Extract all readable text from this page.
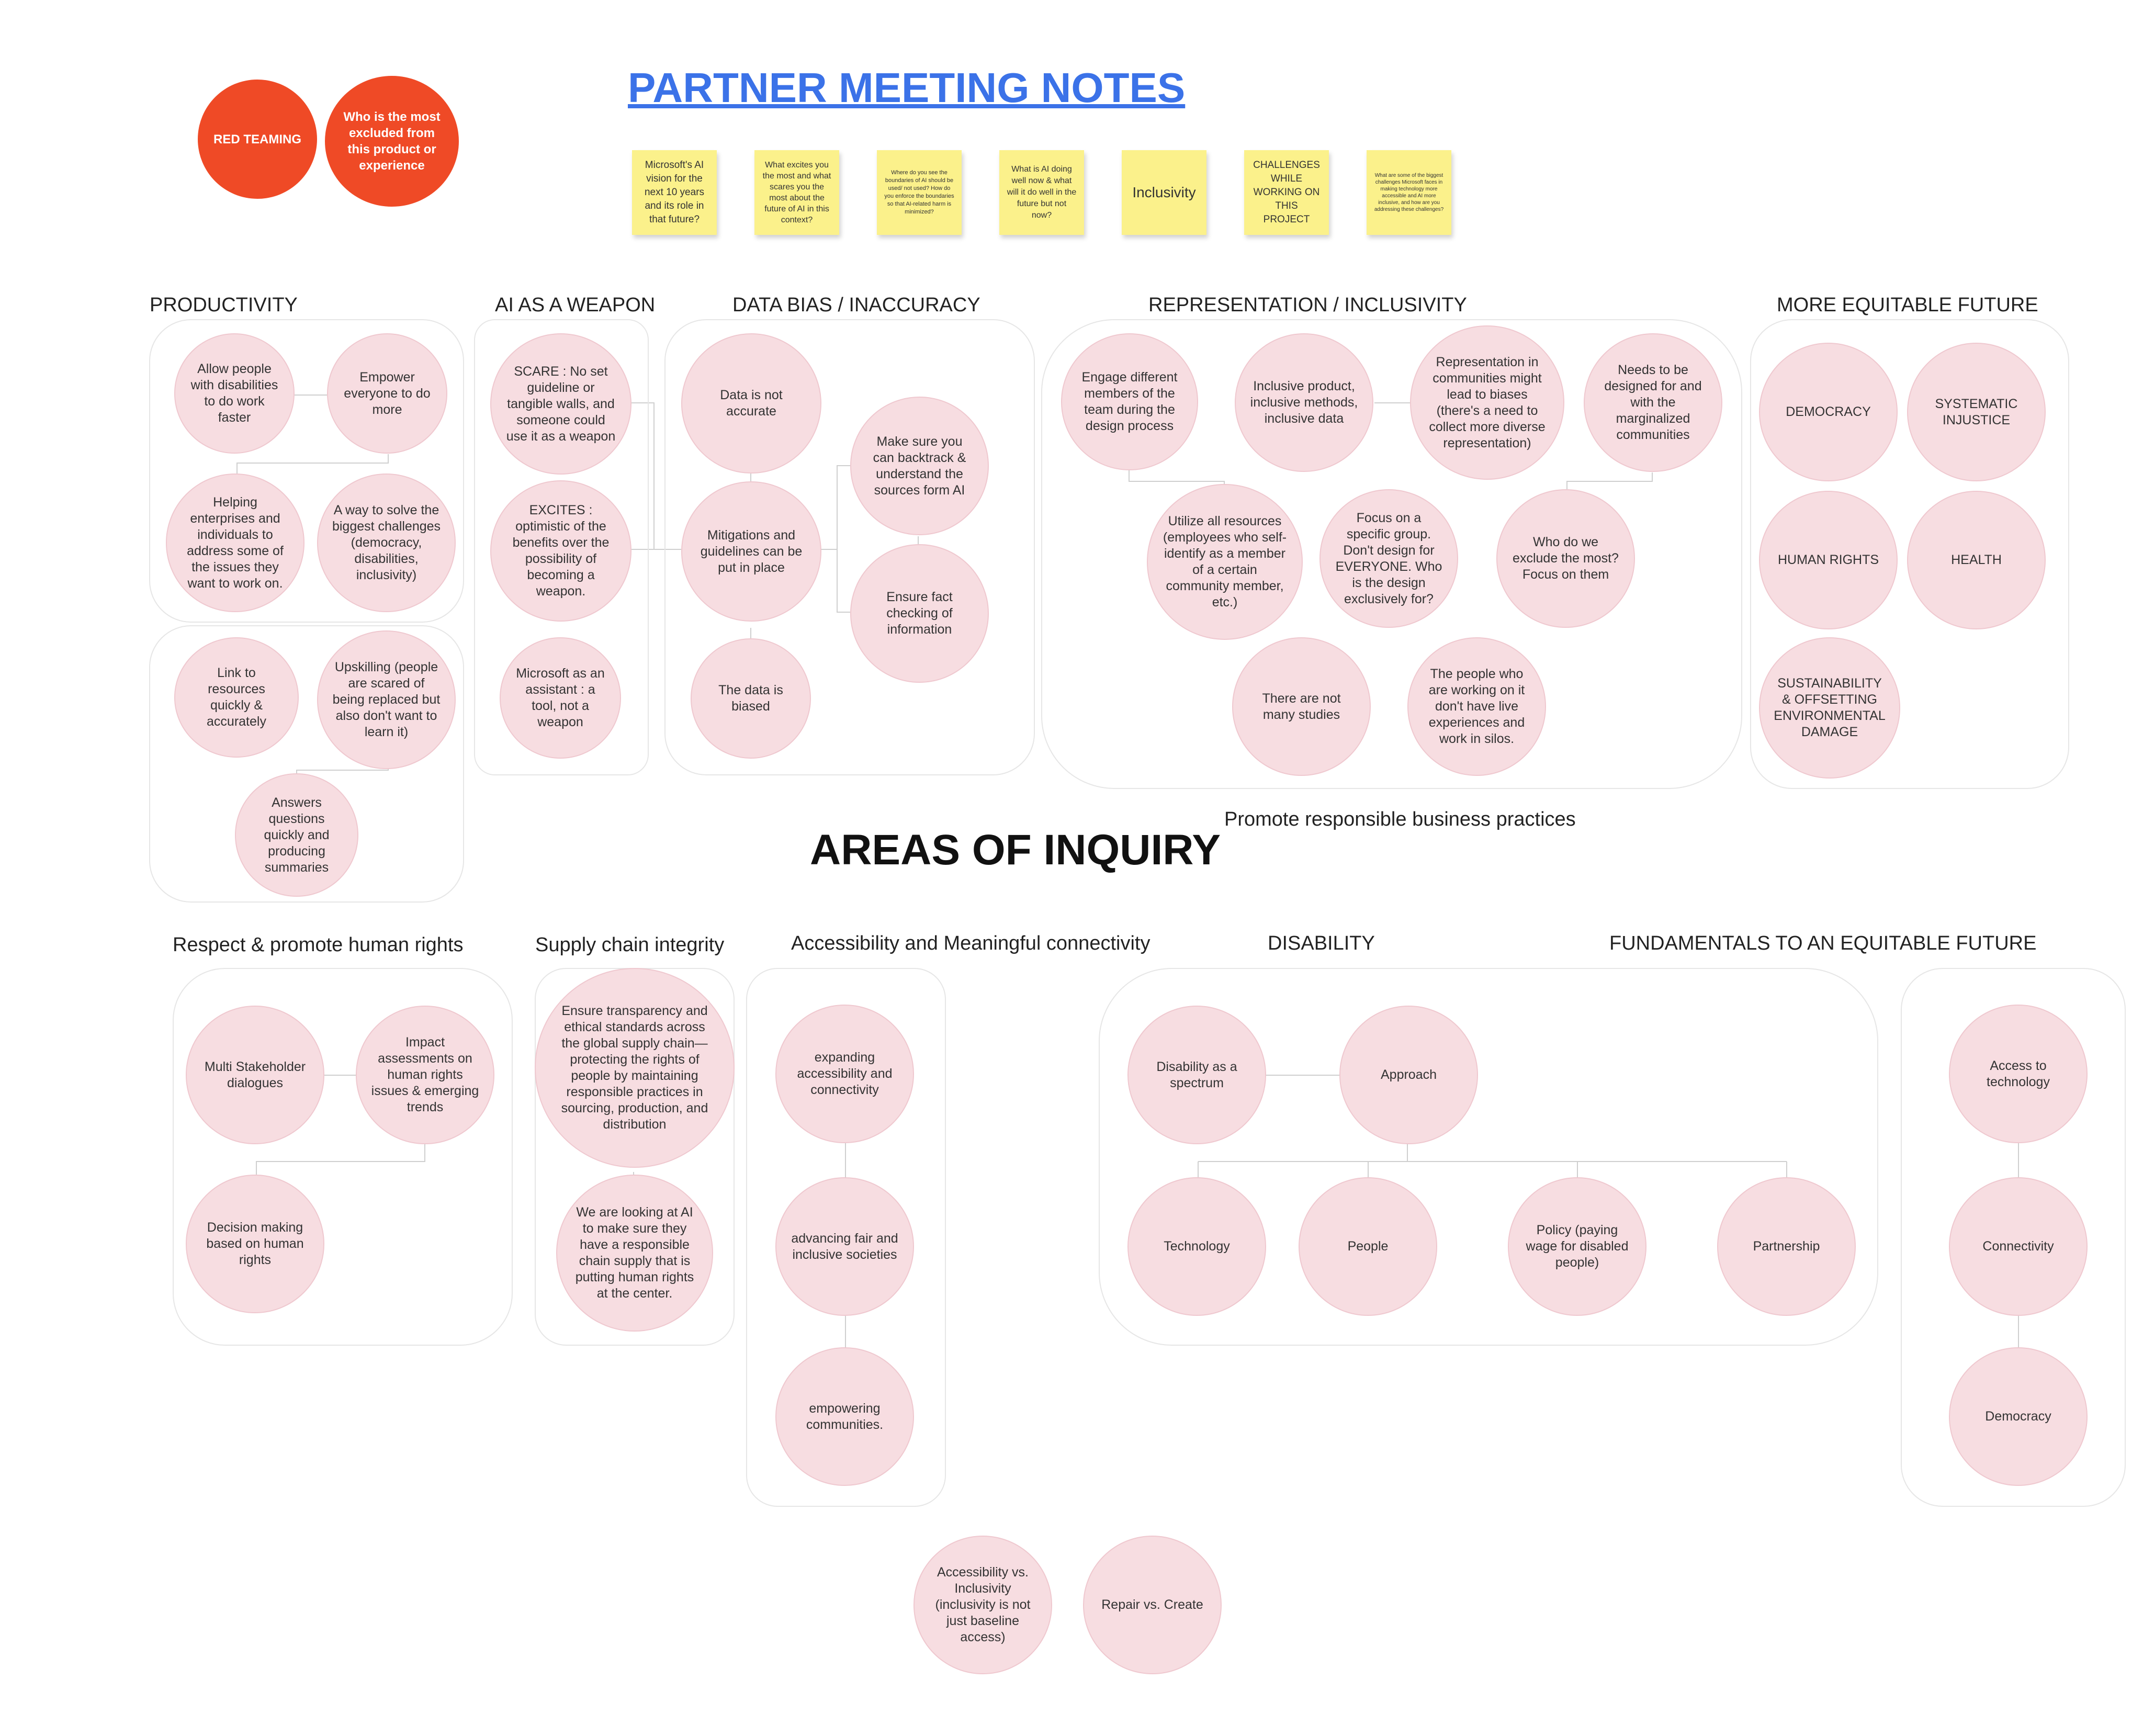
PARTNER MEETING NOTES
RED TEAMING
Who is the most excluded from this product or experience	Microsoft's AI vision for the next 10 years and its role in that future?
What excites you the most and what scares you the most about the future of AI in this context?
Where do you see the boundaries of AI should be used/ not used? How do you enforce the boundaries so that AI-related harm is minimized?
What is AI doing well now & what will it do well in the future but not now?
Inclusivity
CHALLENGES WHILE WORKING ON THIS PROJECT
What are some of the biggest challenges Microsoft faces in making technology more accessible and AI more inclusive, and how are you addressing these challenges?
PRODUCTIVITY	AI AS A WEAPON	DATA BIAS / INACCURACY	REPRESENTATION / INCLUSIVITY	MORE EQUITABLE FUTURE
Allow people with disabilities to do work faster
Empower everyone to do more
Helping enterprises and individuals to address some of the issues they want to work on.
A way to solve the biggest challenges (democracy, disabilities, inclusivity)
Link to resources quickly & accurately
Upskilling (people are scared of being replaced but also don't want to learn it)
Answers questions quickly and producing summaries
SCARE : No set guideline or tangible walls, and someone could use it as a weapon
EXCITES : optimistic of the benefits over the possibility of becoming a weapon.
Microsoft as an assistant : a tool, not a weapon
Data is not accurate
Mitigations and guidelines can be put in place
The data is biased
Make sure you can backtrack & understand the sources form AI
Ensure fact checking of information
Engage different members of the team during the design process
Inclusive product, inclusive methods, inclusive data
Representation in communities might lead to biases (there's a need to collect more diverse representation)
Needs to be designed for and with the marginalized communities
Utilize all resources (employees who self-identify as a member of a certain community member, etc.)
Focus on a specific group. Don't design for EVERYONE. Who is the design exclusively for?
Who do we exclude the most? Focus on them
There are not many studies
The people who are working on it don't have live experiences and work in silos.
DEMOCRACY
SYSTEMATIC INJUSTICE
HUMAN RIGHTS	HEALTH
SUSTAINABILITY & OFFSETTING ENVIRONMENTAL DAMAGE
Promote responsible business practices
AREAS OF INQUIRY
Respect & promote human rights	Supply chain integrity	Accessibility and Meaningful connectivity	DISABILITY	FUNDAMENTALS TO AN EQUITABLE FUTURE
Multi Stakeholder dialogues
Impact assessments on human rights issues & emerging trends
Decision making based on human rights
Ensure transparency and ethical standards across the global supply chain—protecting the rights of people by maintaining responsible practices in sourcing, production, and distribution
We are looking at AI to make sure they have a responsible chain supply that is putting human rights at the center.
expanding accessibility and connectivity
advancing fair and inclusive societies
empowering communities.
Disability as a spectrum
Approach
Technology	People
Policy (paying wage for disabled people)
Partnership
Access to technology
Connectivity
Democracy
Accessibility vs. Inclusivity (inclusivity is not just baseline access)
Repair vs. Create
